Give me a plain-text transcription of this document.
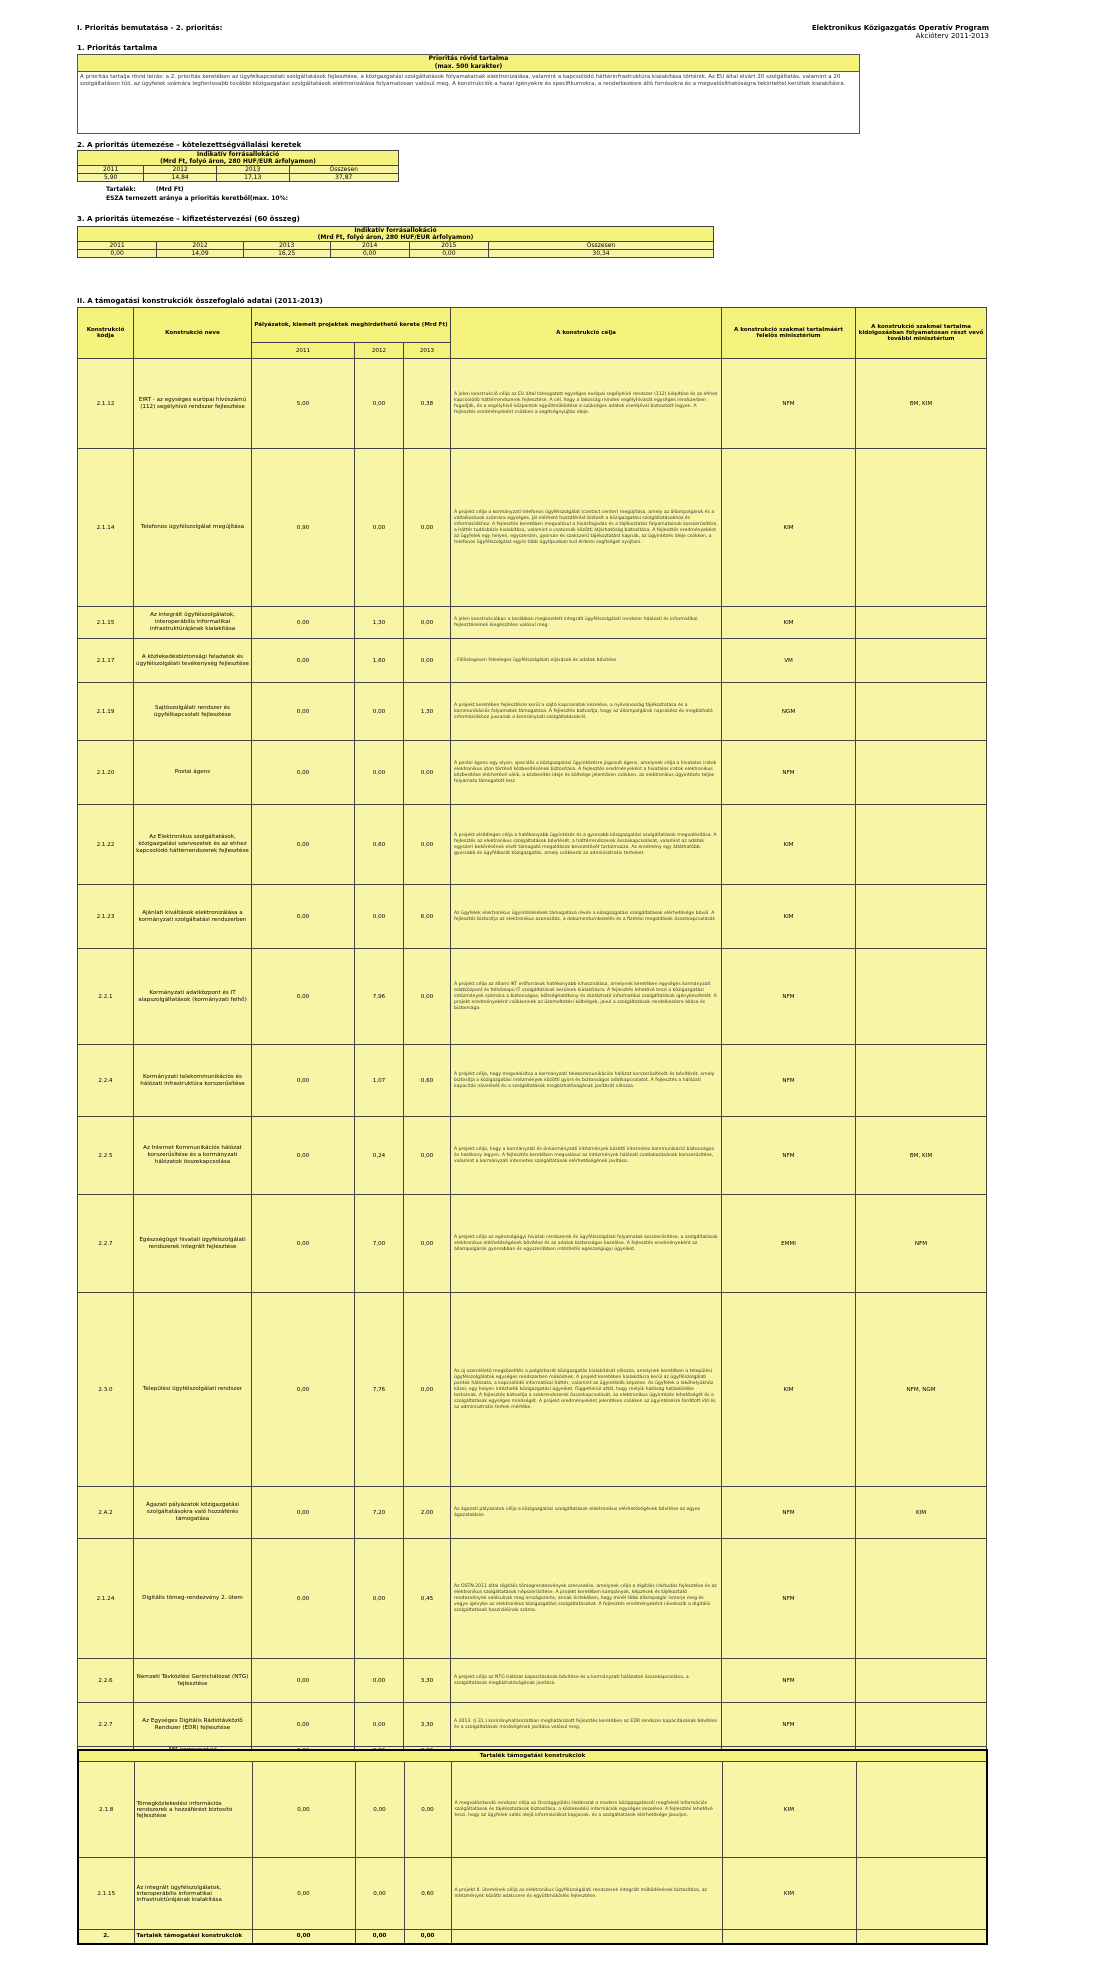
I. Prioritás bemutatása - 2. prioritás:	Elektronikus Közigazgatás Operatív Program
Akcióterv 2011-2013
1. Prioritás tartalma
Prioritás rövid tartalma
(max. 500 karakter)
A prioritás tartalja rövid leírás: a 2. prioritás keretében az ügyfélkapcsolati szolgáltatások fejlesztése, a közigazgatási szolgáltatások folyamatainak elektronizálása, valamint a kapcsolódó háttérinfrastruktúra kialakítása történik. Az EU által elvárt 20 szolgáltatás, valamint a 20 szolgáltatáson túli, az ügyfelek számára legfontosabb további közigazgatási szolgáltatások elektronizálása folyamatosan valósul meg. A konstrukciók a hazai igényekre és specifikumokra, a rendelkezésre álló forrásokra és a megvalósíthatóságra tekintettel kerültek kialakításra.
2. A prioritás ütemezése – kötelezettségvállalási keretek
Indikatív forrásallokáció
(Mrd Ft, folyó áron, 280 HUF/EUR árfolyamon)			

2011	2012	2013	Összesen
5,90	14,84	17,13	37,87
Tartalék:	(Mrd Ft)
ESZA ternezett aránya a prioritás keretből(max. 10%:
3. A prioritás ütemezése – kifizetéstervezési (60 összeg)
Indikatív forrásallokáció
(Mrd Ft, folyó áron, 280 HUF/EUR árfolyamon)					

2011	2012	2013	2014	2015	Összesen
0,00	14,09	16,25	0,00	0,00	30,34
II. A támogatási konstrukciók összefoglaló adatai (2011-2013)
Konstrukció kódja	Konstrukció neve	Pályázatok, kiemelt projektek meghirdethető kerete (Mrd Ft)			A konstrukció célja	A konstrukció szakmai tartalmáért felelős minisztérium	A konstrukció szakmai tartalma kidolgozásban folyamatosan részt vevő további minisztérium
		2011	2012	2013			
2.1.12	EIRT - az egységes európai hívószámú (112) segélyhívó rendszer fejlesztése	5,00	0,00	0,38	A jelen konstrukció célja az EU által támogatott egységes európai segélyhívó rendszer (112) kiépítése és az ehhez kapcsolódó háttérrendszerek fejlesztése. A cél, hogy a lakosság minden segélyhívását egységes rendszerben fogadják, és a segélyhívó központok együttműködése a szükséges adatok cseréjével biztosított legyen. A fejlesztés eredményeként csökken a segítségnyújtás ideje.	NFM	BM, KIM
2.1.14	Telefonos ügyfélszolgálat megújítása	0,90	0,00	0,00	A projekt célja a kormányzati telefonos ügyfélszolgálat (contact center) megújítása, amely az állampolgárok és a vállalkozások számára egységes, jól elérhető hozzáférést biztosít a közigazgatási szolgáltatásokhoz és információkhoz. A fejlesztés keretében megvalósul a hívásfogadás és a tájékoztatás folyamatainak korszerűsítése, a háttér tudásbázis kialakítása, valamint a csatornák közötti átjárhatóság biztosítása. A fejlesztés eredményeként az ügyfelek egy helyen, egyszerűen, gyorsan és szakszerű tájékoztatást kapnak, az ügyintézés ideje csökken, a telefonos ügyfélszolgálat egyre több ügytípusban tud érdemi segítséget nyújtani.	KIM	
2.1.15	Az integrált ügyfélszolgálatok, interoperábilis informatikai infrastruktúrájának kialakítása	0,00	1,30	0,00	A jelen konstrukcióban a korábban megkezdett integrált ügyfélszolgálati rendszer hálózati és informatikai fejlesztéseinek kiegészítése valósul meg.	KIM	
2.1.17	A közlekedésbiztonsági feladatok és ügyfélszolgálati tevékenység fejlesztése	0,00	1,60	0,00	- Fölöslegesen felesleges ügyfélszolgálati eljárások és adatok bővítése	VM	
2.1.19	Sajtószolgálati rendszer és ügyfélkapcsolati fejlesztése	0,00	0,00	1,30	A projekt keretében fejlesztésre kerül a sajtó kapcsolatok kezelése, a nyilvánosság tájékoztatása és a kommunikációs folyamatok támogatása. A fejlesztés biztosítja, hogy az állampolgárok naprakész és megbízható információkhoz jussanak a kormányzati szolgáltatásokról.	NGM	
2.1.20	Postai ágens	0,00	0,00	0,00	A postai ágens egy olyan, speciális a közigazgatási ügyintézésre jogosult ágens, amelynek célja a hivatalos iratok elektronikus úton történő kézbesítésének biztosítása. A fejlesztés eredményeként a hivatalos iratok elektronikus kézbesítése elérhetővé válik, a kézbesítés ideje és költsége jelentősen csökken, az elektronikus ügyintézés teljes folyamata támogatott lesz.	NFM	
2.1.22	Az Elektronikus szolgáltatások, közigazgatási szervezetek és az ehhez kapcsolódó háttérrendszerek fejlesztése	0,00	0,60	0,00	A projekt elsődleges célja a hatékonyabb ügyintézés és a gyorsabb közigazgatási szolgáltatások megvalósítása. A fejlesztés az elektronikus szolgáltatások bővítését, a háttérrendszerek összekapcsolását, valamint az adatok egyszeri bekérésének elvét támogató megoldások bevezetését tartalmazza. Az eredmény egy átláthatóbb, gyorsabb és ügyfélbarát közigazgatás, amely csökkenti az adminisztratív terheket.	KIM	
2.1.23	Ajánlati kiváltások elektronizálása a kormányzati szolgáltatási rendszerben	0,00	0,00	6,00	Az ügyfelek elektronikus ügyintézésének támogatása révén a közigazgatási szolgáltatások elérhetősége bővül. A fejlesztés biztosítja az elektronikus azonosítás, a dokumentumkezelés és a fizetési megoldások összekapcsolását.	KIM	
2.2.1	Kormányzati adatközpont és IT alapszolgáltatások (kormányzati felhő)	0,00	7,96	0,00	A projekt célja az állami IKT erőforrások hatékonyabb kihasználása, amelynek keretében egységes kormányzati adatközpont és felhőalapú IT szolgáltatások kerülnek kialakításra. A fejlesztés lehetővé teszi a közigazgatási intézmények számára a biztonságos, költséghatékony és skálázható informatikai szolgáltatások igénybevételét. A projekt eredményeként csökkennek az üzemeltetési költségek, javul a szolgáltatások rendelkezésre állása és biztonsága.	NFM	
2.2.4	Kormányzati telekommunikációs és hálózati infrastruktúra korszerűsítése	0,00	1,07	0,60	A projekt célja, hogy megvalósítsa a kormányzati telekommunikációs hálózat korszerűsítését és bővítését, amely biztosítja a közigazgatási intézmények közötti gyors és biztonságos adatkapcsolatot. A fejlesztés a hálózati kapacitás növelését és a szolgáltatások megbízhatóságának javítását célozza.	NFM	
2.2.5	Az Internet Kommunikációs hálózat korszerűsítése és a kormányzati hálózatok összekapcsolása	0,00	0,24	0,00	A projekt célja, hogy a kormányzati és önkormányzati intézmények közötti internetes kommunikáció biztonságos és hatékony legyen. A fejlesztés keretében megvalósul az intézmények hálózati csatlakozásának korszerűsítése, valamint a kormányzati internetes szolgáltatások elérhetőségének javítása.	NFM	BM, KIM
2.2.7	Egészségügyi hivatali ügyfélszolgálati rendszerek integrált fejlesztése	0,00	7,00	0,00	A projekt célja az egészségügyi hivatali rendszerek és ügyfélszolgálati folyamatok korszerűsítése, a szolgáltatások elektronikus elérhetőségének bővítése és az adatok biztonságos kezelése. A fejlesztés eredményeként az állampolgárok gyorsabban és egyszerűbben intézhetik egészségügyi ügyeiket.	EMMI	NFM
2.3.0	Települési ügyfélszolgálati rendszer	0,00	7,76	0,00	Az új szemléletű megközelítés a polgárbarát közigazgatás kialakítását célozza, amelynek keretében a települési ügyfélszolgálatok egységes rendszerben működnek. A projekt keretében kialakításra kerül az ügyfélszolgálati pontok hálózata, a kapcsolódó informatikai háttér, valamint az ügyintézők képzése. Az ügyfelek a lakóhelyükhöz közel, egy helyen intézhetik közigazgatási ügyeiket, függetlenül attól, hogy melyik hatóság hatáskörébe tartoznak. A fejlesztés biztosítja a szakrendszerek összekapcsolását, az elektronikus ügyintézés lehetőségét és a szolgáltatások egységes minőségét. A projekt eredményeként jelentősen csökken az ügyintézésre fordított idő és az adminisztratív terhek mértéke.	KIM	NFM, NGM
2.A.2	Ágazati pályázatok közigazgatási szolgáltatásokra való hozzáférés támogatása	0,00	7,20	2,00	Az ágazati pályázatok célja a közigazgatási szolgáltatások elektronikus elérhetőségének bővítése az egyes ágazatokban.	NFM	KIM
2.1.24	Digitális tömeg-rendezvény 2. ütem	0,00	0,00	0,45	Az OSTN 2011 által digitális tömegrendezvények szervezése, amelynek célja a digitális írástudás fejlesztése és az elektronikus szolgáltatások népszerűsítése. A projekt keretében kampányok, képzések és tájékoztató rendezvények valósulnak meg országszerte, annak érdekében, hogy minél több állampolgár ismerje meg és vegye igénybe az elektronikus közigazgatási szolgáltatásokat. A fejlesztés eredményeként növekszik a digitális szolgáltatások használóinak száma.	NFM	
2.2.6	Nemzeti Távközlési Gerinchálózat (NTG) fejlesztése	0,00	0,00	3,30	A projekt célja az NTG hálózat kapacitásának bővítése és a kormányzati hálózatok összekapcsolása, a szolgáltatások megbízhatóságának javítása.	NFM	
2.2.7	Az Egységes Digitális Rádiótávközlő Rendszer (EDR) fejlesztése	0,00	0,00	3,30	A 2013. (I.31.) kormányhatározatban meghatározott fejlesztés keretében az EDR rendszer kapacitásának bővítése és a szolgáltatások minőségének javítása valósul meg.	NFM	
	ÁFA kompenzáció	0,00	0,00	0,30			
2.	Prioritás	5,90	14,84	17,13			
Tartalék támogatási konstrukciók							
2.1.8	Tömegközlekedési információs rendszerek a hozzáférést biztosító fejlesztése	0,00	0,00	0,00	A megvalósítandó rendszer célja az Országgyűlési Határozat a modern közigazgatásról megfelelő információs szolgáltatások és tájékoztatások biztosítása, a közlekedési információk egységes kezelése. A fejlesztés lehetővé teszi, hogy az ügyfelek valós idejű információkat kapjanak, és a szolgáltatások elérhetősége javuljon.	KIM	
2.1.15	Az integrált ügyfélszolgálatok, interoperábilis informatikai infrastruktúrájának kialakítása	0,00	0,00	0,60	A projekt II. ütemének célja az elektronikus ügyfélszolgálati rendszerek integrált működésének biztosítása, az intézmények közötti adatcsere és együttműködés fejlesztése.	KIM	
2.	Tartalék támogatási konstrukciók	0,00	0,00	0,00			
